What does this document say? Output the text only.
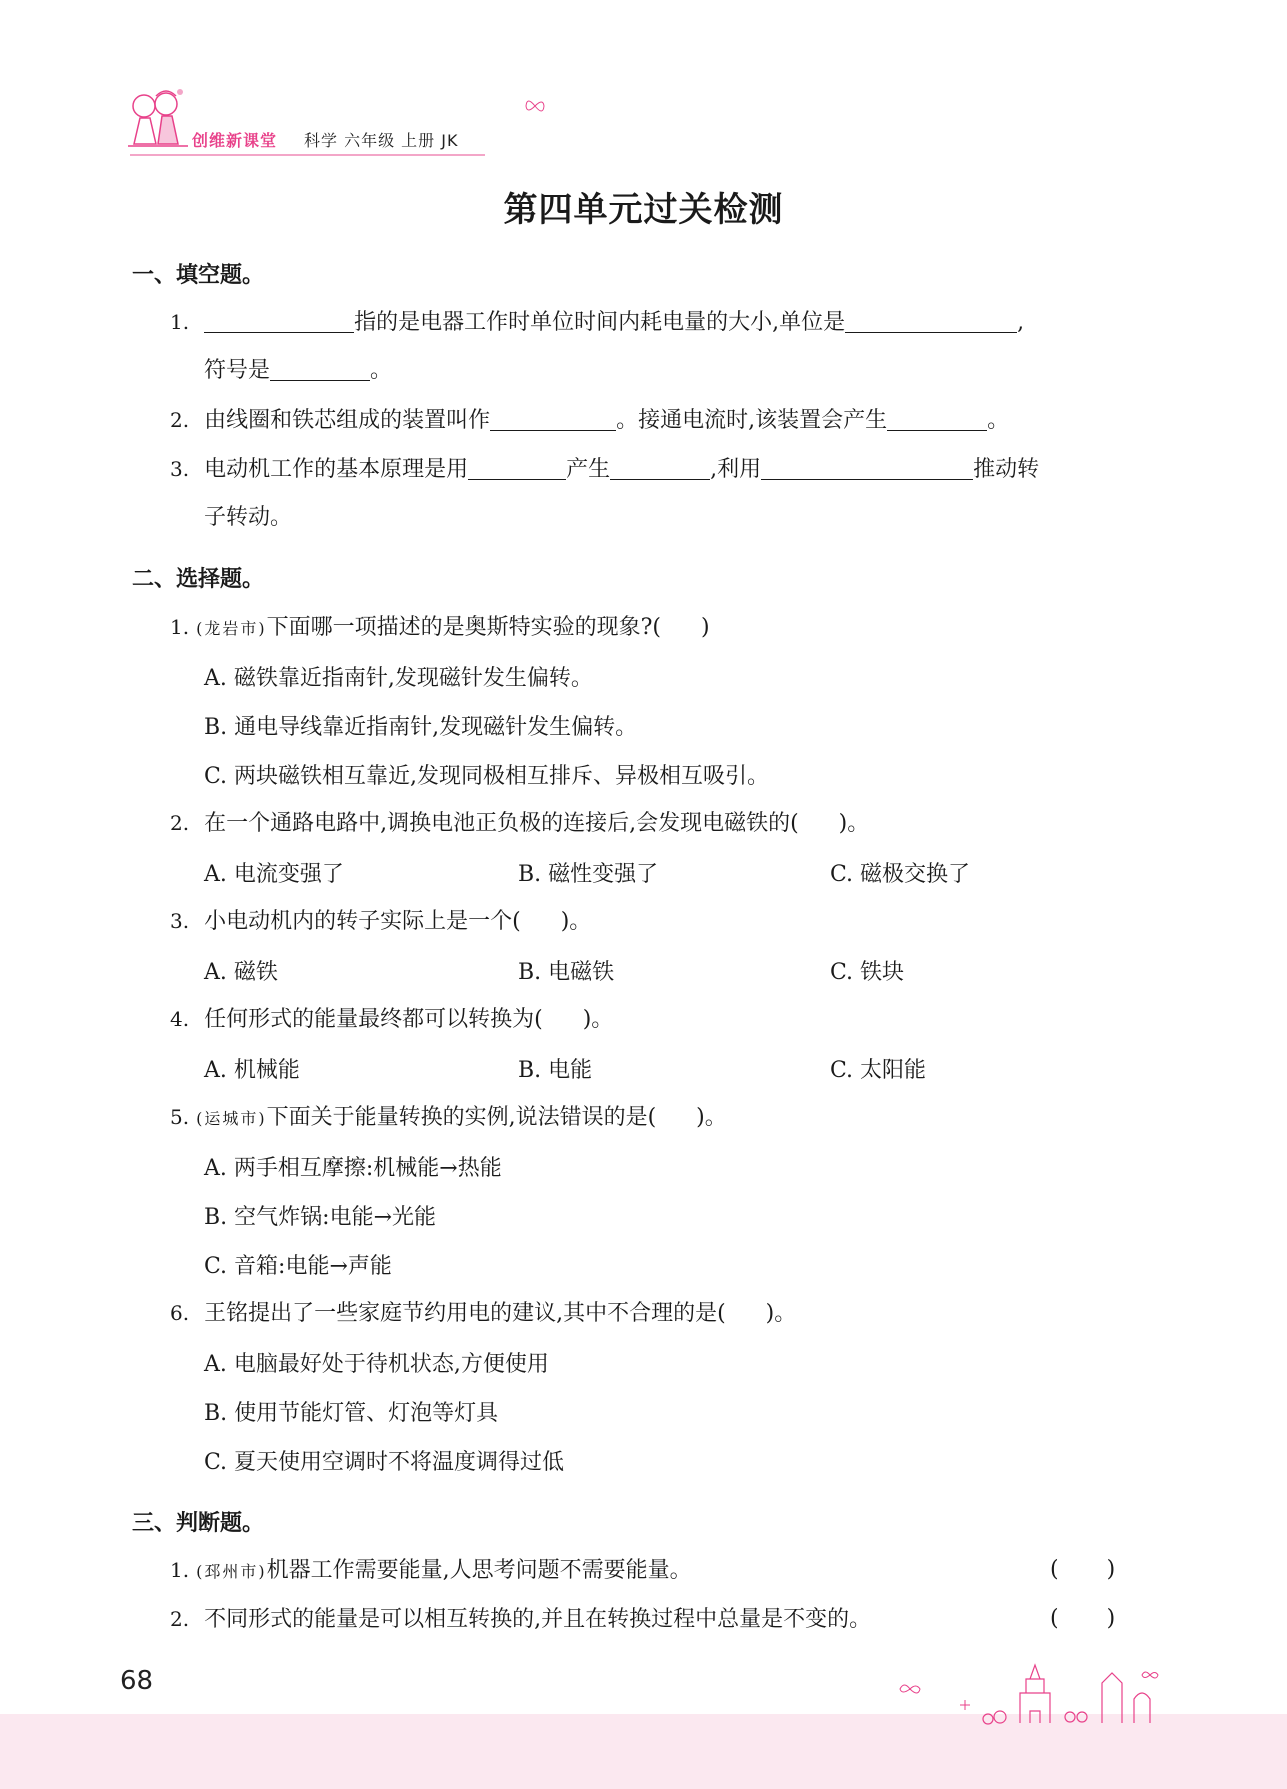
创维新课堂 科学 六年级 上册 JK
第四单元过关检测
一、填空题。
1.	指的是电器工作时单位时间内耗电量的大小,单位是	,
符号是	。
2. 由线圈和铁芯组成的装置叫作	。接通电流时,该装置会产生	。
3. 电动机工作的基本原理是用	产生	,利用	推动转
子转动。
二、选择题。
1. (龙岩市)下面哪一项描述的是奥斯特实验的现象?( )
A. 磁铁靠近指南针,发现磁针发生偏转。
B. 通电导线靠近指南针,发现磁针发生偏转。
C. 两块磁铁相互靠近,发现同极相互排斥、异极相互吸引。
2. 在一个通路电路中,调换电池正负极的连接后,会发现电磁铁的( )。
A. 电流变强了	B. 磁性变强了	C. 磁极交换了
3. 小电动机内的转子实际上是一个( )。
A. 磁铁	B. 电磁铁	C. 铁块
4. 任何形式的能量最终都可以转换为( )。
A. 机械能	B. 电能	C. 太阳能
5. (运城市)下面关于能量转换的实例,说法错误的是( )。
A. 两手相互摩擦:机械能→热能
B. 空气炸锅:电能→光能
C. 音箱:电能→声能
6. 王铭提出了一些家庭节约用电的建议,其中不合理的是( )。
A. 电脑最好处于待机状态,方便使用
B. 使用节能灯管、灯泡等灯具
C. 夏天使用空调时不将温度调得过低
三、判断题。
1. (邳州市)机器工作需要能量,人思考问题不需要能量。	( )
2. 不同形式的能量是可以相互转换的,并且在转换过程中总量是不变的。	( )
68
